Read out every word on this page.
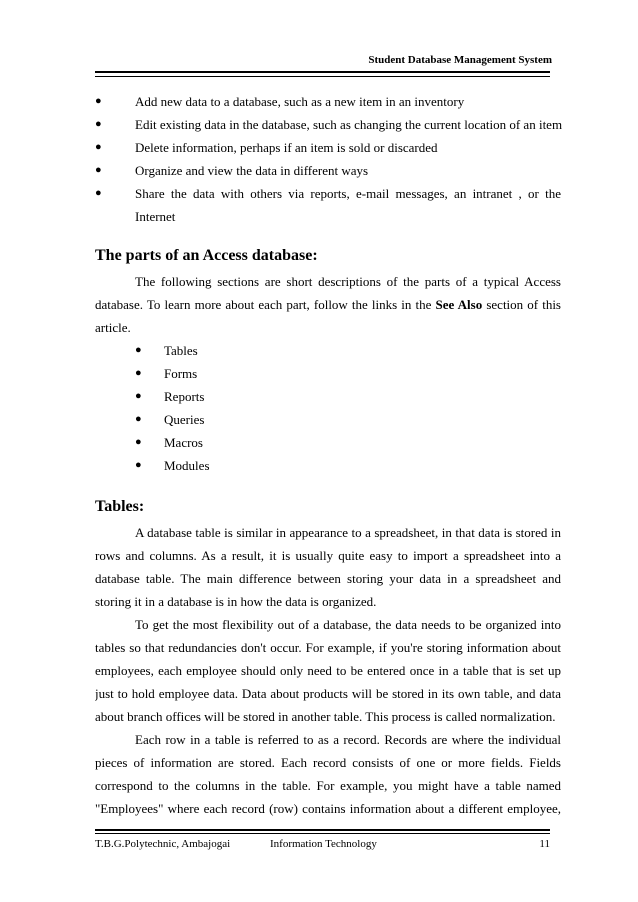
Student Database Management System
●	Add new data to a database, such as a new item in an inventory
●	Edit existing data in the database, such as changing the current location of an item
●	Delete information, perhaps if an item is sold or discarded
●	Organize and view the data in different ways
●	Share the data with others via reports, e-mail messages, an intranet , or the
Internet
The parts of an Access database:
The following sections are short descriptions of the parts of a typical Access
database. To learn more about each part, follow the links in the See Also section of this
article.
●	Tables
●	Forms
●	Reports
●	Queries
●	Macros
●	Modules
Tables:
A database table is similar in appearance to a spreadsheet, in that data is stored in
rows and columns. As a result, it is usually quite easy to import a spreadsheet into a
database table. The main difference between storing your data in a spreadsheet and
storing it in a database is in how the data is organized.
To get the most flexibility out of a database, the data needs to be organized into
tables so that redundancies don't occur. For example, if you're storing information about
employees, each employee should only need to be entered once in a table that is set up
just to hold employee data. Data about products will be stored in its own table, and data
about branch offices will be stored in another table. This process is called normalization.
Each row in a table is referred to as a record. Records are where the individual
pieces of information are stored. Each record consists of one or more fields. Fields
correspond to the columns in the table. For example, you might have a table named
"Employees" where each record (row) contains information about a different employee,
T.B.G.Polytechnic, Ambajogai	Information Technology	11
